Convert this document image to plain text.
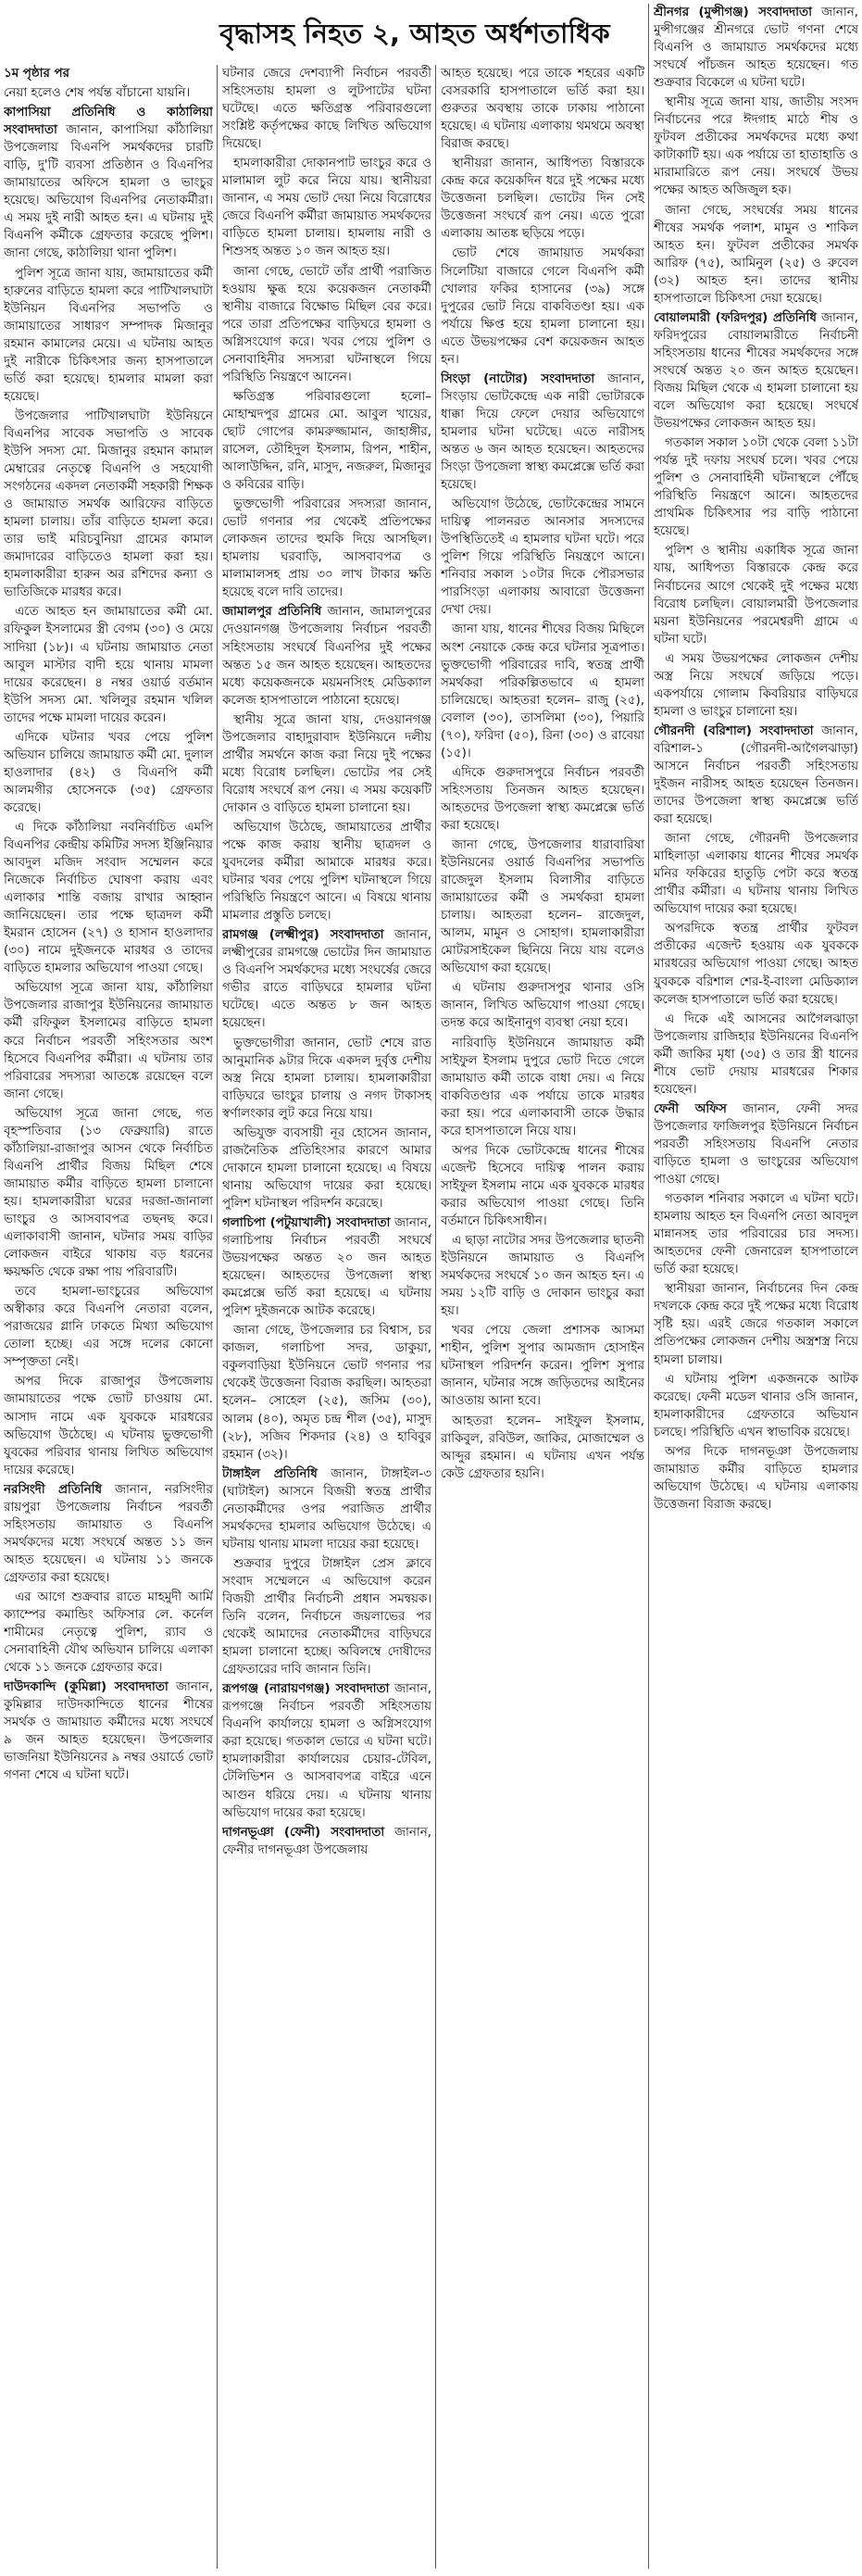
বৃদ্ধাসহ নিহত ২, আহত অর্ধশতাধিক

১ম পৃষ্ঠার পর

নেয়া হলেও শেষ পর্যন্ত বাঁচানো যায়নি।

কাপাসিয়া প্রতিনিধি ও কাঠালিয়া সংবাদদাতা জানান, কাপাসিয়া কাঁঠালিয়া উপজেলায় বিএনপি সমর্থকদের চারটি বাড়ি, দু'টি ব্যবসা প্রতিষ্ঠান ও বিএনপির জামায়াতের অফিসে হামলা ও ভাংচুর হয়েছে। অভিযোগ বিএনপির নেতাকর্মীরা। এ সময় দুই নারী আহত হন। এ ঘটনায় দুই বিএনপি কর্মীকে গ্রেফতার করেছে পুলিশ। জানা গেছে, কাঠালিয়া থানা পুলিশ।

পুলিশ সূত্রে জানা যায়, জামায়াতের কর্মী হারুনের বাড়িতে হামলা করে পাটিখালঘাটা ইউনিয়ন বিএনপির সভাপতি ও জামায়াতের সাধারণ সম্পাদক মিজানুর রহমান কামালের মেয়ে। এ ঘটনায় আহত দুই নারীকে চিকিৎসার জন্য হাসপাতালে ভর্তি করা হয়েছে। হামলার মামলা করা হয়েছে।

উপজেলার পাটিখালঘাটা ইউনিয়নে বিএনপির সাবেক সভাপতি ও সাবেক ইউপি সদস্য মো. মিজানুর রহমান কামাল মেম্বারের নেতৃত্বে বিএনপি ও সহযোগী সংগঠনের একদল নেতাকর্মী সহকারী শিক্ষক ও জামায়াত সমর্থক আরিফের বাড়িতে হামলা চালায়। তাঁর বাড়িতে হামলা করে। তার ভাই মরিচবুনিয়া গ্রামের কামাল জমাদারের বাড়িতেও হামলা করা হয়। হামলাকারীরা হারুন অর রশিদের কন্যা ও ভাতিজিকে মারধর করে।

এতে আহত হন জামায়াতের কর্মী মো. রফিকুল ইসলামের স্ত্রী বেগম (৩০) ও মেয়ে সাদিয়া (১৮)। এ ঘটনায় জামায়াত নেতা আবুল মাস্টার বাদী হয়ে থানায় মামলা দায়ের করেছেন। ৪ নম্বর ওয়ার্ড বর্তমান ইউপি সদস্য মো. খলিলুর রহমান খলিল তাদের পক্ষে মামলা দায়ের করেন।

এদিকে ঘটনার খবর পেয়ে পুলিশ অভিযান চালিয়ে জামায়াত কর্মী মো. দুলাল হাওলাদার (৪২) ও বিএনপি কর্মী আলমগীর হোসেনকে (৩৫) গ্রেফতার করেছে।

এ দিকে কাঁঠালিয়া নবনির্বাচিত এমপি বিএনপির কেন্দ্রীয় কমিটির সদস্য ইঞ্জিনিয়ার আবদুল মজিদ সংবাদ সম্মেলন করে নিজেকে নির্বাচিত ঘোষণা করায় এবং এলাকার শান্তি বজায় রাখার আহ্বান জানিয়েছেন। তার পক্ষে ছাত্রদল কর্মী ইমরান হোসেন (২৭) ও হাসান হাওলাদার (৩০) নামে দুইজনকে মারধর ও তাদের বাড়িতে হামলার অভিযোগ পাওয়া গেছে।

অভিযোগ সূত্রে জানা যায়, কাঁঠালিয়া উপজেলার রাজাপুর ইউনিয়নের জামায়াত কর্মী রফিকুল ইসলামের বাড়িতে হামলা করে নির্বাচন পরবর্তী সহিংসতার অংশ হিসেবে বিএনপির কর্মীরা। এ ঘটনায় তার পরিবারের সদস্যরা আতঙ্কে রয়েছেন বলে জানা গেছে।

অভিযোগ সূত্রে জানা গেছে, গত বৃহস্পতিবার (১৩ ফেব্রুয়ারি) রাতে কাঁঠালিয়া-রাজাপুর আসন থেকে নির্বাচিত বিএনপি প্রার্থীর বিজয় মিছিল শেষে জামায়াত কর্মীর বাড়িতে হামলা চালানো হয়। হামলাকারীরা ঘরের দরজা-জানালা ভাংচুর ও আসবাবপত্র তছনছ করে। এলাকাবাসী জানান, ঘটনার সময় বাড়ির লোকজন বাইরে থাকায় বড় ধরনের ক্ষয়ক্ষতি থেকে রক্ষা পায় পরিবারটি।

তবে হামলা-ভাংচুরের অভিযোগ অস্বীকার করে বিএনপি নেতারা বলেন, পরাজয়ের গ্লানি ঢাকতে মিথ্যা অভিযোগ তোলা হচ্ছে। এর সঙ্গে দলের কোনো সম্পৃক্ততা নেই।

অপর দিকে রাজাপুর উপজেলায় জামায়াতের পক্ষে ভোট চাওয়ায় মো. আসাদ নামে এক যুবককে মারধরের অভিযোগ উঠেছে। এ ঘটনায় ভুক্তভোগী যুবকের পরিবার থানায় লিখিত অভিযোগ দায়ের করেছে।

নরসিংদী প্রতিনিধি জানান, নরসিংদীর রায়পুরা উপজেলায় নির্বাচন পরবর্তী সহিংসতায় জামায়াত ও বিএনপি সমর্থকদের মধ্যে সংঘর্ষে অন্তত ১১ জন আহত হয়েছেন। এ ঘটনায় ১১ জনকে গ্রেফতার করা হয়েছে।

এর আগে শুক্রবার রাতে মাহমুদী আর্মি ক্যাম্পের কমান্ডিং অফিসার লে. কর্নেল শামীমের নেতৃত্বে পুলিশ, র‍্যাব ও সেনাবাহিনী যৌথ অভিযান চালিয়ে এলাকা থেকে ১১ জনকে গ্রেফতার করে।

দাউদকান্দি (কুমিল্লা) সংবাদদাতা জানান, কুমিল্লার দাউদকান্দিতে ধানের শীষের সমর্থক ও জামায়াত কর্মীদের মধ্যে সংঘর্ষে ৯ জন আহত হয়েছেন। উপজেলার ভাজনিয়া ইউনিয়নের ৯ নম্বর ওয়ার্ডে ভোট গণনা শেষে এ ঘটনা ঘটে।

ঘটনার জেরে দেশব্যাপী নির্বাচন পরবর্তী সহিংসতায় হামলা ও লুটপাটের ঘটনা ঘটেছে। এতে ক্ষতিগ্রস্ত পরিবারগুলো সংশ্লিষ্ট কর্তৃপক্ষের কাছে লিখিত অভিযোগ দিয়েছে।

হামলাকারীরা দোকানপাট ভাংচুর করে ও মালামাল লুট করে নিয়ে যায়। স্থানীয়রা জানান, এ সময় ভোট দেয়া নিয়ে বিরোধের জেরে বিএনপি কর্মীরা জামায়াত সমর্থকদের বাড়িতে হামলা চালায়। হামলায় নারী ও শিশুসহ অন্তত ১০ জন আহত হয়।

জানা গেছে, ভোটে তাঁর প্রার্থী পরাজিত হওয়ায় ক্ষুব্ধ হয়ে কয়েকজন নেতাকর্মী স্থানীয় বাজারে বিক্ষোভ মিছিল বের করে। পরে তারা প্রতিপক্ষের বাড়িঘরে হামলা ও অগ্নিসংযোগ করে। খবর পেয়ে পুলিশ ও সেনাবাহিনীর সদস্যরা ঘটনাস্থলে গিয়ে পরিস্থিতি নিয়ন্ত্রণে আনেন।

ক্ষতিগ্রস্ত পরিবারগুলো হলো– মোহাম্মদপুর গ্রামের মো. আবুল খায়ের, ছোট গোপের কামরুজ্জামান, জাহাঙ্গীর, রাসেল, তৌহিদুল ইসলাম, রিপন, শাহীন, আলাউদ্দিন, রনি, মাসুদ, নজরুল, মিজানুর ও কবিরের বাড়ি।

ভুক্তভোগী পরিবারের সদস্যরা জানান, ভোট গণনার পর থেকেই প্রতিপক্ষের লোকজন তাদের হুমকি দিয়ে আসছিল। হামলায় ঘরবাড়ি, আসবাবপত্র ও মালামালসহ প্রায় ৩০ লাখ টাকার ক্ষতি হয়েছে বলে দাবি তাদের।

জামালপুর প্রতিনিধি জানান, জামালপুরের দেওয়ানগঞ্জ উপজেলায় নির্বাচন পরবর্তী সহিংসতায় সংঘর্ষে বিএনপির দুই পক্ষের অন্তত ১৫ জন আহত হয়েছেন। আহতদের মধ্যে কয়েকজনকে ময়মনসিংহ মেডিক্যাল কলেজ হাসপাতালে পাঠানো হয়েছে।

স্থানীয় সূত্রে জানা যায়, দেওয়ানগঞ্জ উপজেলার বাহাদুরাবাদ ইউনিয়নে দলীয় প্রার্থীর সমর্থনে কাজ করা নিয়ে দুই পক্ষের মধ্যে বিরোধ চলছিল। ভোটের পর সেই বিরোধ সংঘর্ষে রূপ নেয়। এ সময় কয়েকটি দোকান ও বাড়িতে হামলা চালানো হয়।

অভিযোগ উঠেছে, জামায়াতের প্রার্থীর পক্ষে কাজ করায় স্থানীয় ছাত্রদল ও যুবদলের কর্মীরা আমাকে মারধর করে। ঘটনার খবর পেয়ে পুলিশ ঘটনাস্থলে গিয়ে পরিস্থিতি নিয়ন্ত্রণে আনে। এ বিষয়ে থানায় মামলার প্রস্তুতি চলছে।

রামগঞ্জ (লক্ষ্মীপুর) সংবাদদাতা জানান, লক্ষ্মীপুরের রামগঞ্জে ভোটের দিন জামায়াত ও বিএনপি সমর্থকদের মধ্যে সংঘর্ষের জেরে গভীর রাতে বাড়িঘরে হামলার ঘটনা ঘটেছে। এতে অন্তত ৮ জন আহত হয়েছেন।

ভুক্তভোগীরা জানান, ভোট শেষে রাত আনুমানিক ৯টার দিকে একদল দুর্বৃত্ত দেশীয় অস্ত্র নিয়ে হামলা চালায়। হামলাকারীরা বাড়িঘরে ভাংচুর চালায় ও নগদ টাকাসহ স্বর্ণালংকার লুট করে নিয়ে যায়।

অভিযুক্ত ব্যবসায়ী নূর হোসেন জানান, রাজনৈতিক প্রতিহিংসার কারণে আমার দোকানে হামলা চালানো হয়েছে। এ বিষয়ে থানায় অভিযোগ দায়ের করা হয়েছে। পুলিশ ঘটনাস্থল পরিদর্শন করেছে।

গলাচিপা (পটুয়াখালী) সংবাদদাতা জানান, গলাচিপায় নির্বাচন পরবর্তী সংঘর্ষে উভয়পক্ষের অন্তত ২০ জন আহত হয়েছেন। আহতদের উপজেলা স্বাস্থ্য কমপ্লেক্সে ভর্তি করা হয়েছে। এ ঘটনায় পুলিশ দুইজনকে আটক করেছে।

জানা গেছে, উপজেলার চর বিশ্বাস, চর কাজল, গলাচিপা সদর, ডাকুয়া, বকুলবাড়িয়া ইউনিয়নে ভোট গণনার পর থেকেই উত্তেজনা বিরাজ করছিল। আহতরা হলেন– সোহেল (২৫), জসিম (৩০), আলম (৪০), অমৃত চন্দ্র শীল (৩৫), মাসুদ (২৮), সজিব শিকদার (২৪) ও হাবিবুর রহমান (৩২)।

টাঙ্গাইল প্রতিনিধি জানান, টাঙ্গাইল-৩ (ঘাটাইল) আসনে বিজয়ী স্বতন্ত্র প্রার্থীর নেতাকর্মীদের ওপর পরাজিত প্রার্থীর সমর্থকদের হামলার অভিযোগ উঠেছে। এ ঘটনায় থানায় মামলা দায়ের করা হয়েছে।

শুক্রবার দুপুরে টাঙ্গাইল প্রেস ক্লাবে সংবাদ সম্মেলনে এ অভিযোগ করেন বিজয়ী প্রার্থীর নির্বাচনী প্রধান সমন্বয়ক। তিনি বলেন, নির্বাচনে জয়লাভের পর থেকেই আমাদের নেতাকর্মীদের বাড়িঘরে হামলা চালানো হচ্ছে। অবিলম্বে দোষীদের গ্রেফতারের দাবি জানান তিনি।

রূপগঞ্জ (নারায়ণগঞ্জ) সংবাদদাতা জানান, রূপগঞ্জে নির্বাচন পরবর্তী সহিংসতায় বিএনপি কার্যালয়ে হামলা ও অগ্নিসংযোগ করা হয়েছে। গতকাল ভোরে এ ঘটনা ঘটে। হামলাকারীরা কার্যালয়ের চেয়ার-টেবিল, টেলিভিশন ও আসবাবপত্র বাইরে এনে আগুন ধরিয়ে দেয়। এ ঘটনায় থানায় অভিযোগ দায়ের করা হয়েছে।

দাগনভূঞা (ফেনী) সংবাদদাতা জানান, ফেনীর দাগনভূঞা উপজেলায়

আহত হয়েছে। পরে তাকে শহরের একটি বেসরকারি হাসপাতালে ভর্তি করা হয়। গুরুতর অবস্থায় তাকে ঢাকায় পাঠানো হয়েছে। এ ঘটনায় এলাকায় থমথমে অবস্থা বিরাজ করছে।

স্থানীয়রা জানান, আধিপত্য বিস্তারকে কেন্দ্র করে কয়েকদিন ধরে দুই পক্ষের মধ্যে উত্তেজনা চলছিল। ভোটের দিন সেই উত্তেজনা সংঘর্ষে রূপ নেয়। এতে পুরো এলাকায় আতঙ্ক ছড়িয়ে পড়ে।

ভোট শেষে জামায়াত সমর্থকরা সিলেটিয়া বাজারে গেলে বিএনপি কর্মী খোলার ফকির হাসানের (৩৯) সঙ্গে দুপুরের ভোট নিয়ে বাকবিতণ্ডা হয়। এক পর্যায়ে ক্ষিপ্ত হয়ে হামলা চালানো হয়। এতে উভয়পক্ষের বেশ কয়েকজন আহত হন।

সিংড়া (নাটোর) সংবাদদাতা জানান, সিংড়ায় ভোটকেন্দ্রে এক নারী ভোটারকে ধাক্কা দিয়ে ফেলে দেয়ার অভিযোগে হামলার ঘটনা ঘটেছে। এতে নারীসহ অন্তত ৬ জন আহত হয়েছেন। আহতদের সিংড়া উপজেলা স্বাস্থ্য কমপ্লেক্সে ভর্তি করা হয়েছে।

অভিযোগ উঠেছে, ভোটকেন্দ্রের সামনে দায়িত্ব পালনরত আনসার সদস্যদের উপস্থিতিতেই এ হামলার ঘটনা ঘটে। পরে পুলিশ গিয়ে পরিস্থিতি নিয়ন্ত্রণে আনে। শনিবার সকাল ১০টার দিকে পৌরসভার পারসিংড়া এলাকায় আবারো উত্তেজনা দেখা দেয়।

জানা যায়, ধানের শীষের বিজয় মিছিলে অংশ নেয়াকে কেন্দ্র করে ঘটনার সূত্রপাত। ভুক্তভোগী পরিবারের দাবি, স্বতন্ত্র প্রার্থী সমর্থকরা পরিকল্পিতভাবে এ হামলা চালিয়েছে। আহতরা হলেন– রাজু (২৫), বেলাল (৩০), তাসলিমা (৩০), পিয়ারি (৭০), ফরিদা (৫০), রিনা (৩০) ও রাবেয়া (১৫)।

এদিকে গুরুদাসপুরে নির্বাচন পরবর্তী সহিংসতায় তিনজন আহত হয়েছেন। আহতদের উপজেলা স্বাস্থ্য কমপ্লেক্সে ভর্তি করা হয়েছে।

জানা গেছে, উপজেলার ধারাবারিষা ইউনিয়নের ওয়ার্ড বিএনপির সভাপতি রাজেদুল ইসলাম বিলাসীর বাড়িতে জামায়াতের কর্মী ও সমর্থকরা হামলা চালায়। আহতরা হলেন– রাজেদুল, আলম, মামুন ও সোহাগ। হামলাকারীরা মোটরসাইকেল ছিনিয়ে নিয়ে যায় বলেও অভিযোগ করা হয়েছে।

এ ঘটনায় গুরুদাসপুর থানার ওসি জানান, লিখিত অভিযোগ পাওয়া গেছে। তদন্ত করে আইনানুগ ব্যবস্থা নেয়া হবে।

নারিবাড়ি ইউনিয়নে জামায়াত কর্মী সাইফুল ইসলাম দুপুরে ভোট দিতে গেলে জামায়াত কর্মী তাকে বাধা দেয়। এ নিয়ে বাকবিতণ্ডার এক পর্যায়ে তাকে মারধর করা হয়। পরে এলাকাবাসী তাকে উদ্ধার করে হাসপাতালে নিয়ে যায়।

অপর দিকে ভোটকেন্দ্রে ধানের শীষের এজেন্ট হিসেবে দায়িত্ব পালন করায় সাইফুল ইসলাম নামে এক যুবককে মারধর করার অভিযোগ পাওয়া গেছে। তিনি বর্তমানে চিকিৎসাধীন।

এ ছাড়া নাটোর সদর উপজেলার ছাতনী ইউনিয়নে জামায়াত ও বিএনপি সমর্থকদের সংঘর্ষে ১০ জন আহত হন। এ সময় ১২টি বাড়ি ও দোকান ভাংচুর করা হয়।

খবর পেয়ে জেলা প্রশাসক আসমা শাহীন, পুলিশ সুপার আমজাদ হোসাইন ঘটনাস্থল পরিদর্শন করেন। পুলিশ সুপার জানান, ঘটনার সঙ্গে জড়িতদের আইনের আওতায় আনা হবে।

আহতরা হলেন– সাইফুল ইসলাম, রাকিবুল, রবিউল, জাকির, মোজাম্মেল ও আব্দুর রহমান। এ ঘটনায় এখন পর্যন্ত কেউ গ্রেফতার হয়নি।

শ্রীনগর (মুন্সীগঞ্জ) সংবাদদাতা জানান, মুন্সীগঞ্জের শ্রীনগরে ভোট গণনা শেষে বিএনপি ও জামায়াত সমর্থকদের মধ্যে সংঘর্ষে পাঁচজন আহত হয়েছেন। গত শুক্রবার বিকেলে এ ঘটনা ঘটে।

স্থানীয় সূত্রে জানা যায়, জাতীয় সংসদ নির্বাচনের পরে ঈদগাহ মাঠে শীষ ও ফুটবল প্রতীকের সমর্থকদের মধ্যে কথা কাটাকাটি হয়। এক পর্যায়ে তা হাতাহাতি ও মারামারিতে রূপ নেয়। সংঘর্ষে উভয় পক্ষের আহত অজিজুল হক।

জানা গেছে, সংঘর্ষের সময় ধানের শীষের সমর্থক পলাশ, মামুন ও শাকিল আহত হন। ফুটবল প্রতীকের সমর্থক আরিফ (৭৫), আমিনুল (২৫) ও রুবেল (৩২) আহত হন। তাদের স্থানীয় হাসপাতালে চিকিৎসা দেয়া হয়েছে।

বোয়ালমারী (ফরিদপুর) প্রতিনিধি জানান, ফরিদপুরের বোয়ালমারীতে নির্বাচনী সহিংসতায় ধানের শীষের সমর্থকদের সঙ্গে সংঘর্ষে অন্তত ২০ জন আহত হয়েছেন। বিজয় মিছিল থেকে এ হামলা চালানো হয় বলে অভিযোগ করা হয়েছে। সংঘর্ষে উভয়পক্ষের লোকজন আহত হয়।

গতকাল সকাল ১০টা থেকে বেলা ১১টা পর্যন্ত দুই দফায় সংঘর্ষ চলে। খবর পেয়ে পুলিশ ও সেনাবাহিনী ঘটনাস্থলে পৌঁছে পরিস্থিতি নিয়ন্ত্রণে আনে। আহতদের প্রাথমিক চিকিৎসার পর বাড়ি পাঠানো হয়েছে।

পুলিশ ও স্থানীয় একাধিক সূত্রে জানা যায়, আধিপত্য বিস্তারকে কেন্দ্র করে নির্বাচনের আগে থেকেই দুই পক্ষের মধ্যে বিরোধ চলছিল। বোয়ালমারী উপজেলার ময়না ইউনিয়নের পরমেশ্বরদী গ্রামে এ ঘটনা ঘটে।

এ সময় উভয়পক্ষের লোকজন দেশীয় অস্ত্র নিয়ে সংঘর্ষে জড়িয়ে পড়ে। একপর্যায়ে গোলাম কিবরিয়ার বাড়িঘরে হামলা ও ভাংচুর চালানো হয়।

গৌরনদী (বরিশাল) সংবাদদাতা জানান, বরিশাল-১ (গৌরনদী-আগৈলঝাড়া) আসনে নির্বাচন পরবর্তী সহিংসতায় দুইজন নারীসহ আহত হয়েছেন তিনজন। তাদের উপজেলা স্বাস্থ্য কমপ্লেক্সে ভর্তি করা হয়েছে।

জানা গেছে, গৌরনদী উপজেলার মাহিলাড়া এলাকায় ধানের শীষের সমর্থক মনির ফকিরের হাতুড়ি পেটা করে স্বতন্ত্র প্রার্থীর কর্মীরা। এ ঘটনায় থানায় লিখিত অভিযোগ দায়ের করা হয়েছে।

অপরদিকে স্বতন্ত্র প্রার্থীর ফুটবল প্রতীকের এজেন্ট হওয়ায় এক যুবককে মারধরের অভিযোগ পাওয়া গেছে। আহত যুবককে বরিশাল শের-ই-বাংলা মেডিক্যাল কলেজ হাসপাতালে ভর্তি করা হয়েছে।

এ দিকে এই আসনের আগৈলঝাড়া উপজেলায় রাজিহার ইউনিয়নের বিএনপি কর্মী জাকির মৃধা (৩৫) ও তার স্ত্রী ধানের শীষে ভোট দেয়ায় মারধরের শিকার হয়েছেন।

ফেনী অফিস জানান, ফেনী সদর উপজেলার ফাজিলপুর ইউনিয়নে নির্বাচন পরবর্তী সহিংসতায় বিএনপি নেতার বাড়িতে হামলা ও ভাংচুরের অভিযোগ পাওয়া গেছে।

গতকাল শনিবার সকালে এ ঘটনা ঘটে। হামলায় আহত হন বিএনপি নেতা আবদুল মান্নানসহ তার পরিবারের চার সদস্য। আহতদের ফেনী জেনারেল হাসপাতালে ভর্তি করা হয়েছে।

স্থানীয়রা জানান, নির্বাচনের দিন কেন্দ্র দখলকে কেন্দ্র করে দুই পক্ষের মধ্যে বিরোধ সৃষ্টি হয়। এরই জেরে গতকাল সকালে প্রতিপক্ষের লোকজন দেশীয় অস্ত্রশস্ত্র নিয়ে হামলা চালায়।

এ ঘটনায় পুলিশ একজনকে আটক করেছে। ফেনী মডেল থানার ওসি জানান, হামলাকারীদের গ্রেফতারে অভিযান চলছে। পরিস্থিতি এখন স্বাভাবিক রয়েছে।

অপর দিকে দাগনভূঞা উপজেলায় জামায়াত কর্মীর বাড়িতে হামলার অভিযোগ উঠেছে। এ ঘটনায় এলাকায় উত্তেজনা বিরাজ করছে।
